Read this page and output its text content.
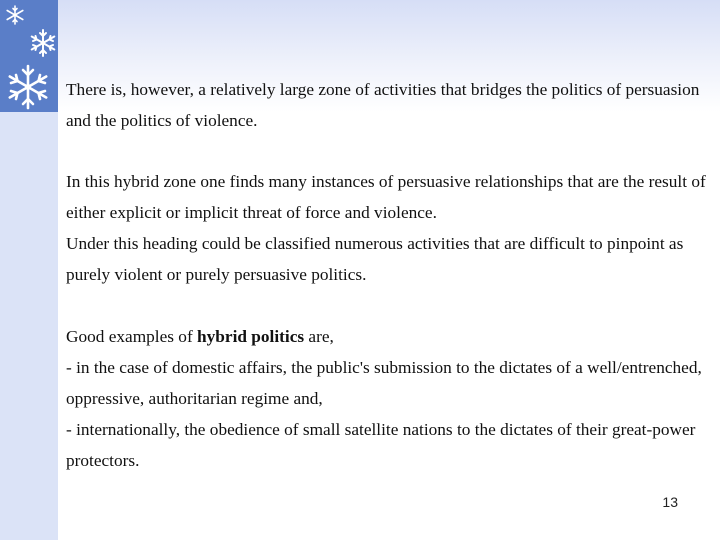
There is, however, a relatively large zone of activities that bridges the politics of persuasion and the politics of violence.

In this hybrid zone one finds many instances of persuasive relationships that are the result of either explicit or implicit threat of force and violence.

Under this heading could be classified numerous activities that are difficult to pinpoint as purely violent or purely persuasive politics.

Good examples of hybrid politics are,

- in the case of domestic affairs, the public's submission to the dictates of a well/entrenched, oppressive, authoritarian regime and,

- internationally, the obedience of small satellite nations to the dictates of their great-power protectors.

13
